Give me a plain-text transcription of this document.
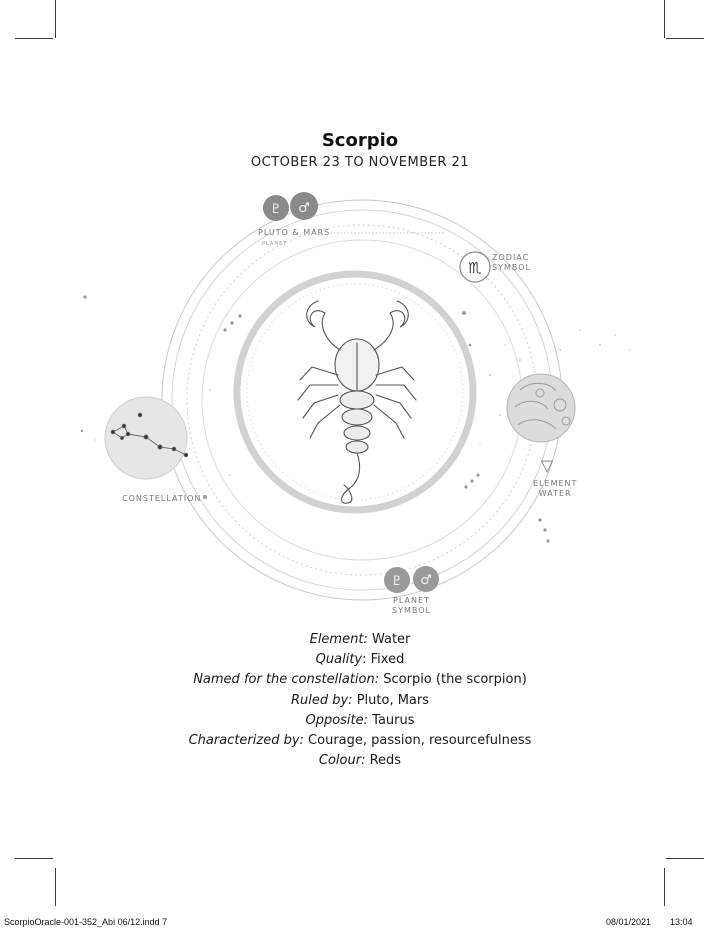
Scorpio
OCTOBER 23 TO NOVEMBER 21
♇ ♂
♏
▽
♇ ♂
PLUTO & MARS
PLANET
ZODIAC
SYMBOL
ELEMENT
WATER
CONSTELLATION
PLANET
SYMBOL
Element: Water
Quality: Fixed
Named for the constellation: Scorpio (the scorpion)
Ruled by: Pluto, Mars
Opposite: Taurus
Characterized by: Courage, passion, resourcefulness
Colour: Reds
ScorpioOracle-001-352_Abi 06/12.indd 7	08/01/2021 13:04
